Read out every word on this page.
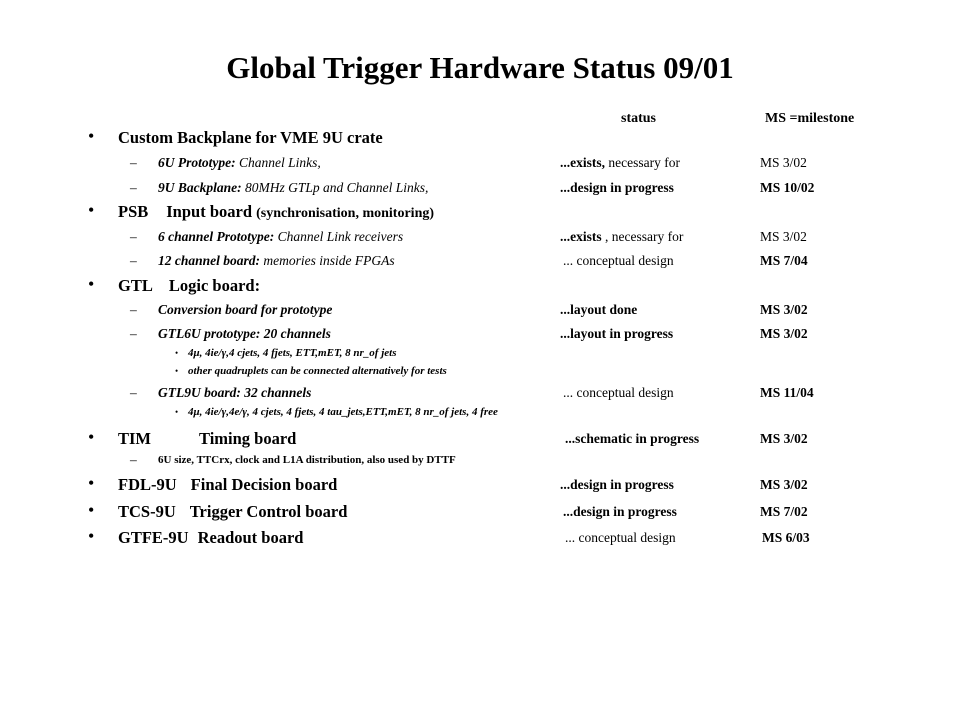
Global Trigger Hardware Status 09/01
status	MS =milestone
• Custom Backplane for VME 9U crate
– 6U Prototype: Channel Links,	...exists, necessary for	MS 3/02
– 9U Backplane: 80MHz GTLp and Channel Links,	...design in progress	MS 10/02
• PSB Input board (synchronisation, monitoring)
– 6 channel Prototype: Channel Link receivers	...exists , necessary for	MS 3/02
– 12 channel board: memories inside FPGAs	... conceptual design	MS 7/04
• GTL Logic board:
– Conversion board for prototype	...layout done	MS 3/02
– GTL6U prototype: 20 channels	...layout in progress	MS 3/02
• 4μ, 4ie/γ,4 cjets, 4 fjets, ETT,mET, 8 nr_of jets
• other quadruplets can be connected alternatively for tests
– GTL9U board: 32 channels	... conceptual design	MS 11/04
• 4μ, 4ie/γ,4e/γ, 4 cjets, 4 fjets, 4 tau_jets,ETT,mET, 8 nr_of jets, 4 free
• TIM	Timing board	...schematic in progress	MS 3/02
– 6U size, TTCrx, clock and L1A distribution, also used by DTTF
• FDL-9U Final Decision board	...design in progress	MS 3/02
• TCS-9U Trigger Control board	...design in progress	MS 7/02
• GTFE-9U Readout board	... conceptual design	MS 6/03
